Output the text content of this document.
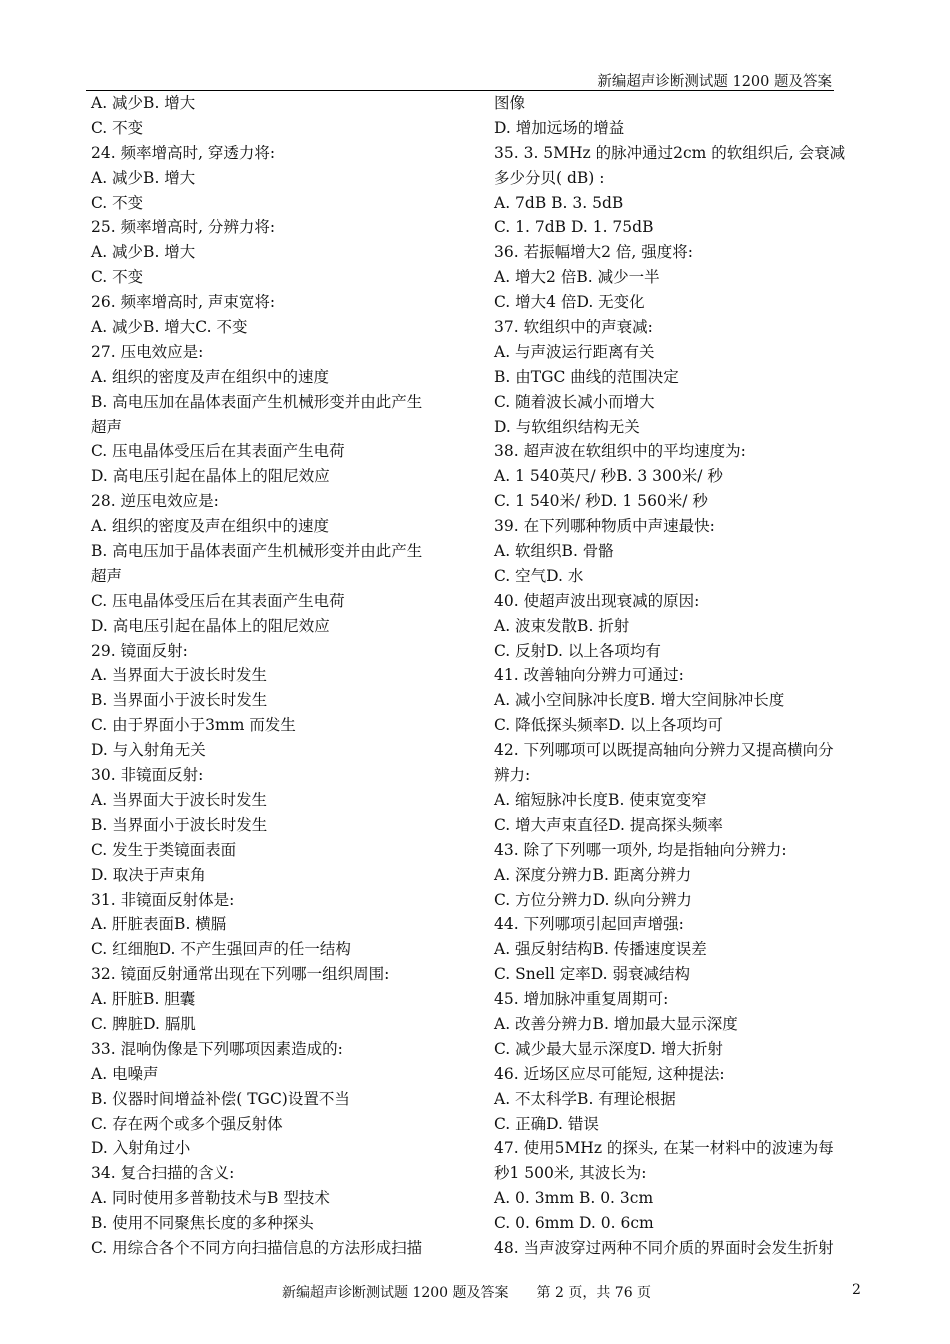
新编超声诊断测试题 1200 题及答案
A. 减少B. 增大
C. 不变
24. 频率增高时, 穿透力将:
A. 减少B. 增大
C. 不变
25. 频率增高时, 分辨力将:
A. 减少B. 增大
C. 不变
26. 频率增高时, 声束宽将:
A. 减少B. 增大C. 不变
27. 压电效应是:
A. 组织的密度及声在组织中的速度
B. 高电压加在晶体表面产生机械形变并由此产生
超声
C. 压电晶体受压后在其表面产生电荷
D. 高电压引起在晶体上的阻尼效应
28. 逆压电效应是:
A. 组织的密度及声在组织中的速度
B. 高电压加于晶体表面产生机械形变并由此产生
超声
C. 压电晶体受压后在其表面产生电荷
D. 高电压引起在晶体上的阻尼效应
29. 镜面反射:
A. 当界面大于波长时发生
B. 当界面小于波长时发生
C. 由于界面小于3mm 而发生
D. 与入射角无关
30. 非镜面反射:
A. 当界面大于波长时发生
B. 当界面小于波长时发生
C. 发生于类镜面表面
D. 取决于声束角
31. 非镜面反射体是:
A. 肝脏表面B. 横膈
C. 红细胞D. 不产生强回声的任一结构
32. 镜面反射通常出现在下列哪一组织周围:
A. 肝脏B. 胆囊
C. 脾脏D. 膈肌
33. 混响伪像是下列哪项因素造成的:
A. 电噪声
B. 仪器时间增益补偿( TGC)设置不当
C. 存在两个或多个强反射体
D. 入射角过小
34. 复合扫描的含义:
A. 同时使用多普勒技术与B 型技术
B. 使用不同聚焦长度的多种探头
C. 用综合各个不同方向扫描信息的方法形成扫描
图像
D. 增加远场的增益
35. 3. 5MHz 的脉冲通过2cm 的软组织后, 会衰减
多少分贝( dB) :
A. 7dB B. 3. 5dB
C. 1. 7dB D. 1. 75dB
36. 若振幅增大2 倍, 强度将:
A. 增大2 倍B. 减少一半
C. 增大4 倍D. 无变化
37. 软组织中的声衰减:
A. 与声波运行距离有关
B. 由TGC 曲线的范围决定
C. 随着波长减小而增大
D. 与软组织结构无关
38. 超声波在软组织中的平均速度为:
A. 1 540英尺/ 秒B. 3 300米/ 秒
C. 1 540米/ 秒D. 1 560米/ 秒
39. 在下列哪种物质中声速最快:
A. 软组织B. 骨骼
C. 空气D. 水
40. 使超声波出现衰减的原因:
A. 波束发散B. 折射
C. 反射D. 以上各项均有
41. 改善轴向分辨力可通过:
A. 减小空间脉冲长度B. 增大空间脉冲长度
C. 降低探头频率D. 以上各项均可
42. 下列哪项可以既提高轴向分辨力又提高横向分
辨力:
A. 缩短脉冲长度B. 使束宽变窄
C. 增大声束直径D. 提高探头频率
43. 除了下列哪一项外, 均是指轴向分辨力:
A. 深度分辨力B. 距离分辨力
C. 方位分辨力D. 纵向分辨力
44. 下列哪项引起回声增强:
A. 强反射结构B. 传播速度误差
C. Snell 定率D. 弱衰减结构
45. 增加脉冲重复周期可:
A. 改善分辨力B. 增加最大显示深度
C. 减少最大显示深度D. 增大折射
46. 近场区应尽可能短, 这种提法:
A. 不太科学B. 有理论根据
C. 正确D. 错误
47. 使用5MHz 的探头, 在某一材料中的波速为每
秒1 500米, 其波长为:
A. 0. 3mm B. 0. 3cm
C. 0. 6mm D. 0. 6cm
48. 当声波穿过两种不同介质的界面时会发生折射
新编超声诊断测试题 1200 题及答案　　第 2 页，共 76 页	2
